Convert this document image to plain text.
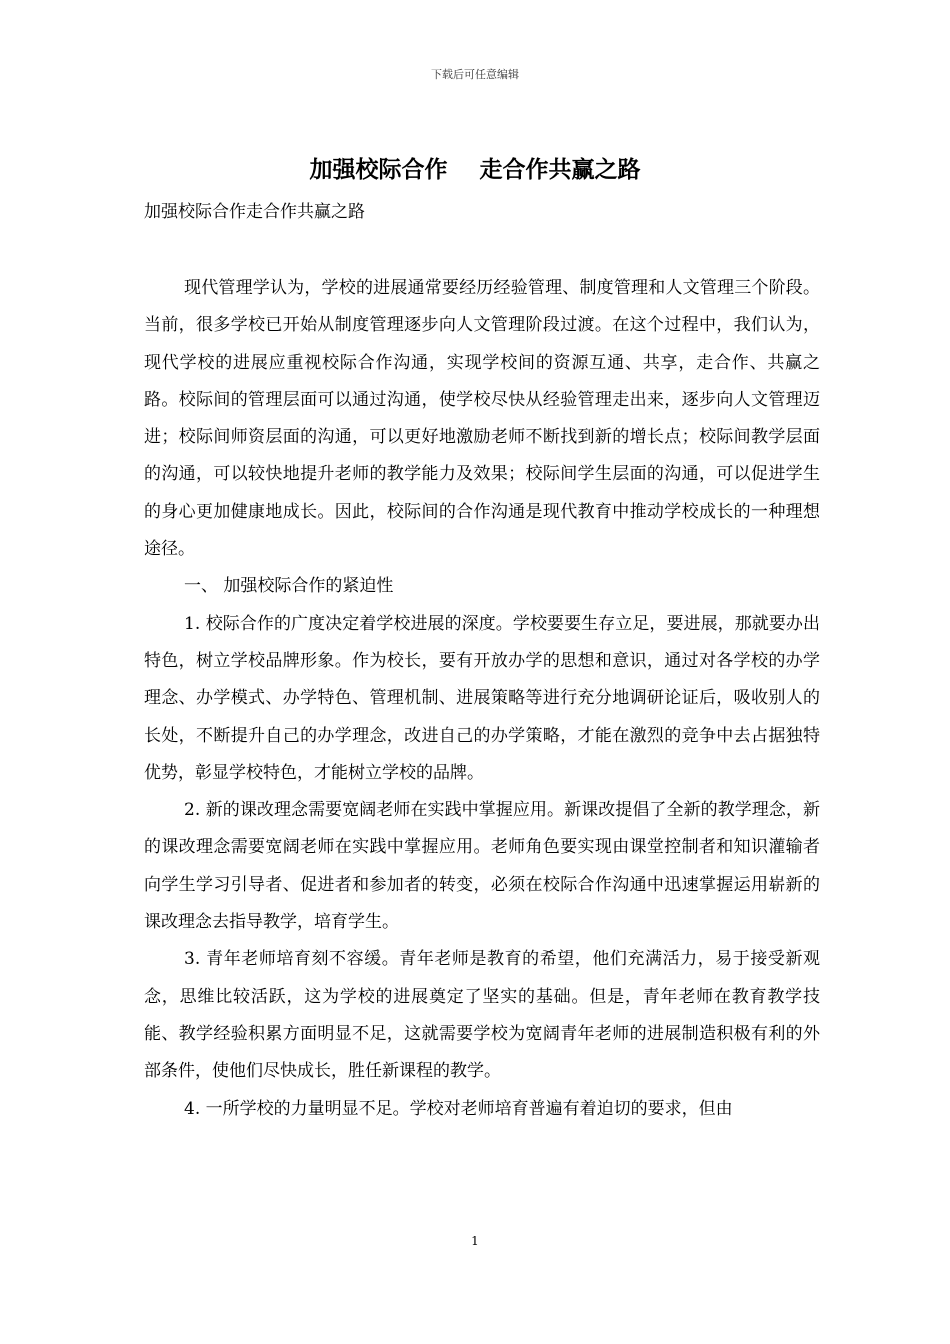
下载后可任意编辑
加强校际合作    走合作共赢之路
加强校际合作走合作共赢之路

现代管理学认为，学校的进展通常要经历经验管理、制度管理和人文管理三个阶段。当前，很多学校已开始从制度管理逐步向人文管理阶段过渡。在这个过程中，我们认为，现代学校的进展应重视校际合作沟通，实现学校间的资源互通、共享，走合作、共赢之路。校际间的管理层面可以通过沟通，使学校尽快从经验管理走出来，逐步向人文管理迈进；校际间师资层面的沟通，可以更好地激励老师不断找到新的增长点；校际间教学层面的沟通，可以较快地提升老师的教学能力及效果；校际间学生层面的沟通，可以促进学生的身心更加健康地成长。因此，校际间的合作沟通是现代教育中推动学校成长的一种理想途径。

一、 加强校际合作的紧迫性

1. 校际合作的广度决定着学校进展的深度。学校要要生存立足，要进展，那就要办出特色，树立学校品牌形象。作为校长，要有开放办学的思想和意识，通过对各学校的办学理念、办学模式、办学特色、管理机制、进展策略等进行充分地调研论证后，吸收别人的长处，不断提升自己的办学理念，改进自己的办学策略，才能在激烈的竞争中去占据独特优势，彰显学校特色，才能树立学校的品牌。

2. 新的课改理念需要宽阔老师在实践中掌握应用。新课改提倡了全新的教学理念，新的课改理念需要宽阔老师在实践中掌握应用。老师角色要实现由课堂控制者和知识灌输者向学生学习引导者、促进者和参加者的转变，必须在校际合作沟通中迅速掌握运用崭新的课改理念去指导教学，培育学生。

3. 青年老师培育刻不容缓。青年老师是教育的希望，他们充满活力，易于接受新观念，思维比较活跃，这为学校的进展奠定了坚实的基础。但是，青年老师在教育教学技能、教学经验积累方面明显不足，这就需要学校为宽阔青年老师的进展制造积极有利的外部条件，使他们尽快成长，胜任新课程的教学。

4. 一所学校的力量明显不足。学校对老师培育普遍有着迫切的要求，但由

1
